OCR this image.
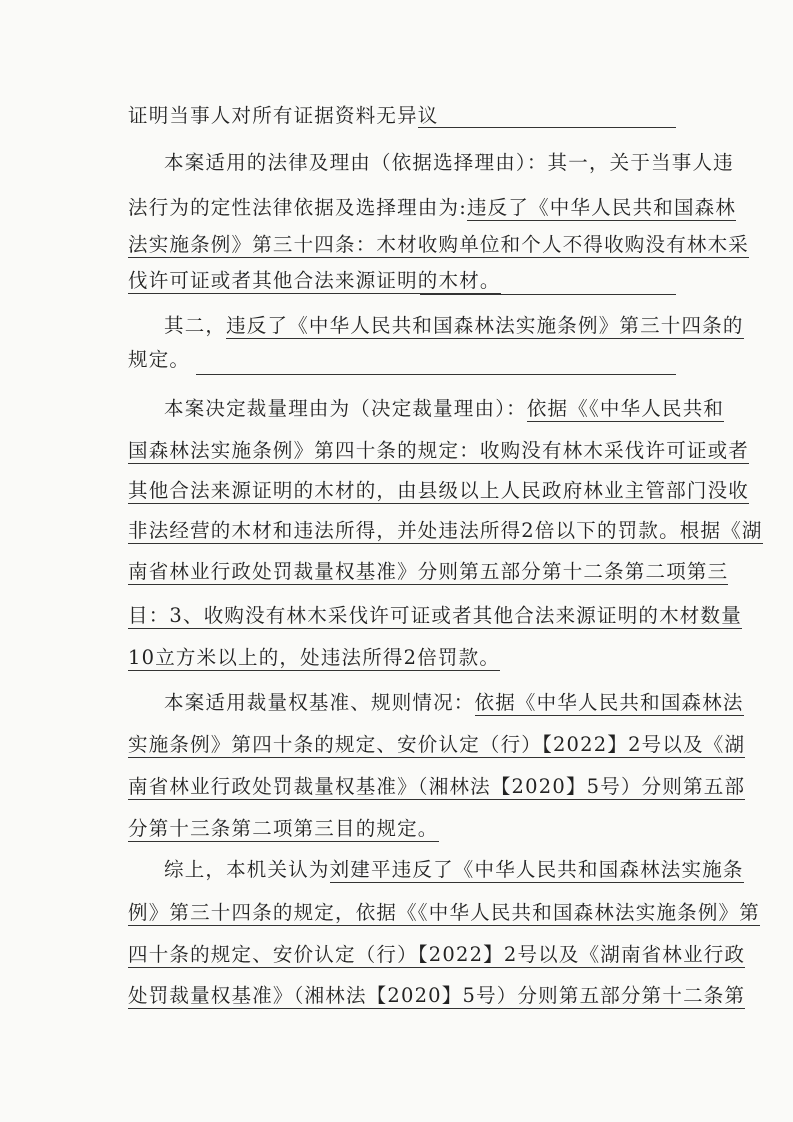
证明当事人对所有证据资料无异议
本案适用的法律及理由（依据选择理由）：其一，关于当事人违
法行为的定性法律依据及选择理由为:违反了《中华人民共和国森林
法实施条例》第三十四条：木材收购单位和个人不得收购没有林木采
伐许可证或者其他合法来源证明的木材。
其二，违反了《中华人民共和国森林法实施条例》第三十四条的
规定。
本案决定裁量理由为（决定裁量理由）：依据《《中华人民共和
国森林法实施条例》第四十条的规定：收购没有林木采伐许可证或者
其他合法来源证明的木材的，由县级以上人民政府林业主管部门没收
非法经营的木材和违法所得，并处违法所得2倍以下的罚款。根据《湖
南省林业行政处罚裁量权基准》分则第五部分第十二条第二项第三
目：3、收购没有林木采伐许可证或者其他合法来源证明的木材数量
10立方米以上的，处违法所得2倍罚款。
本案适用裁量权基准、规则情况：依据《中华人民共和国森林法
实施条例》第四十条的规定、安价认定（行）【2022】2号以及《湖
南省林业行政处罚裁量权基准》（湘林法【2020】5号）分则第五部
分第十三条第二项第三目的规定。
综上，本机关认为刘建平违反了《中华人民共和国森林法实施条
例》第三十四条的规定，依据《《中华人民共和国森林法实施条例》第
四十条的规定、安价认定（行）【2022】2号以及《湖南省林业行政
处罚裁量权基准》（湘林法【2020】5号）分则第五部分第十二条第
